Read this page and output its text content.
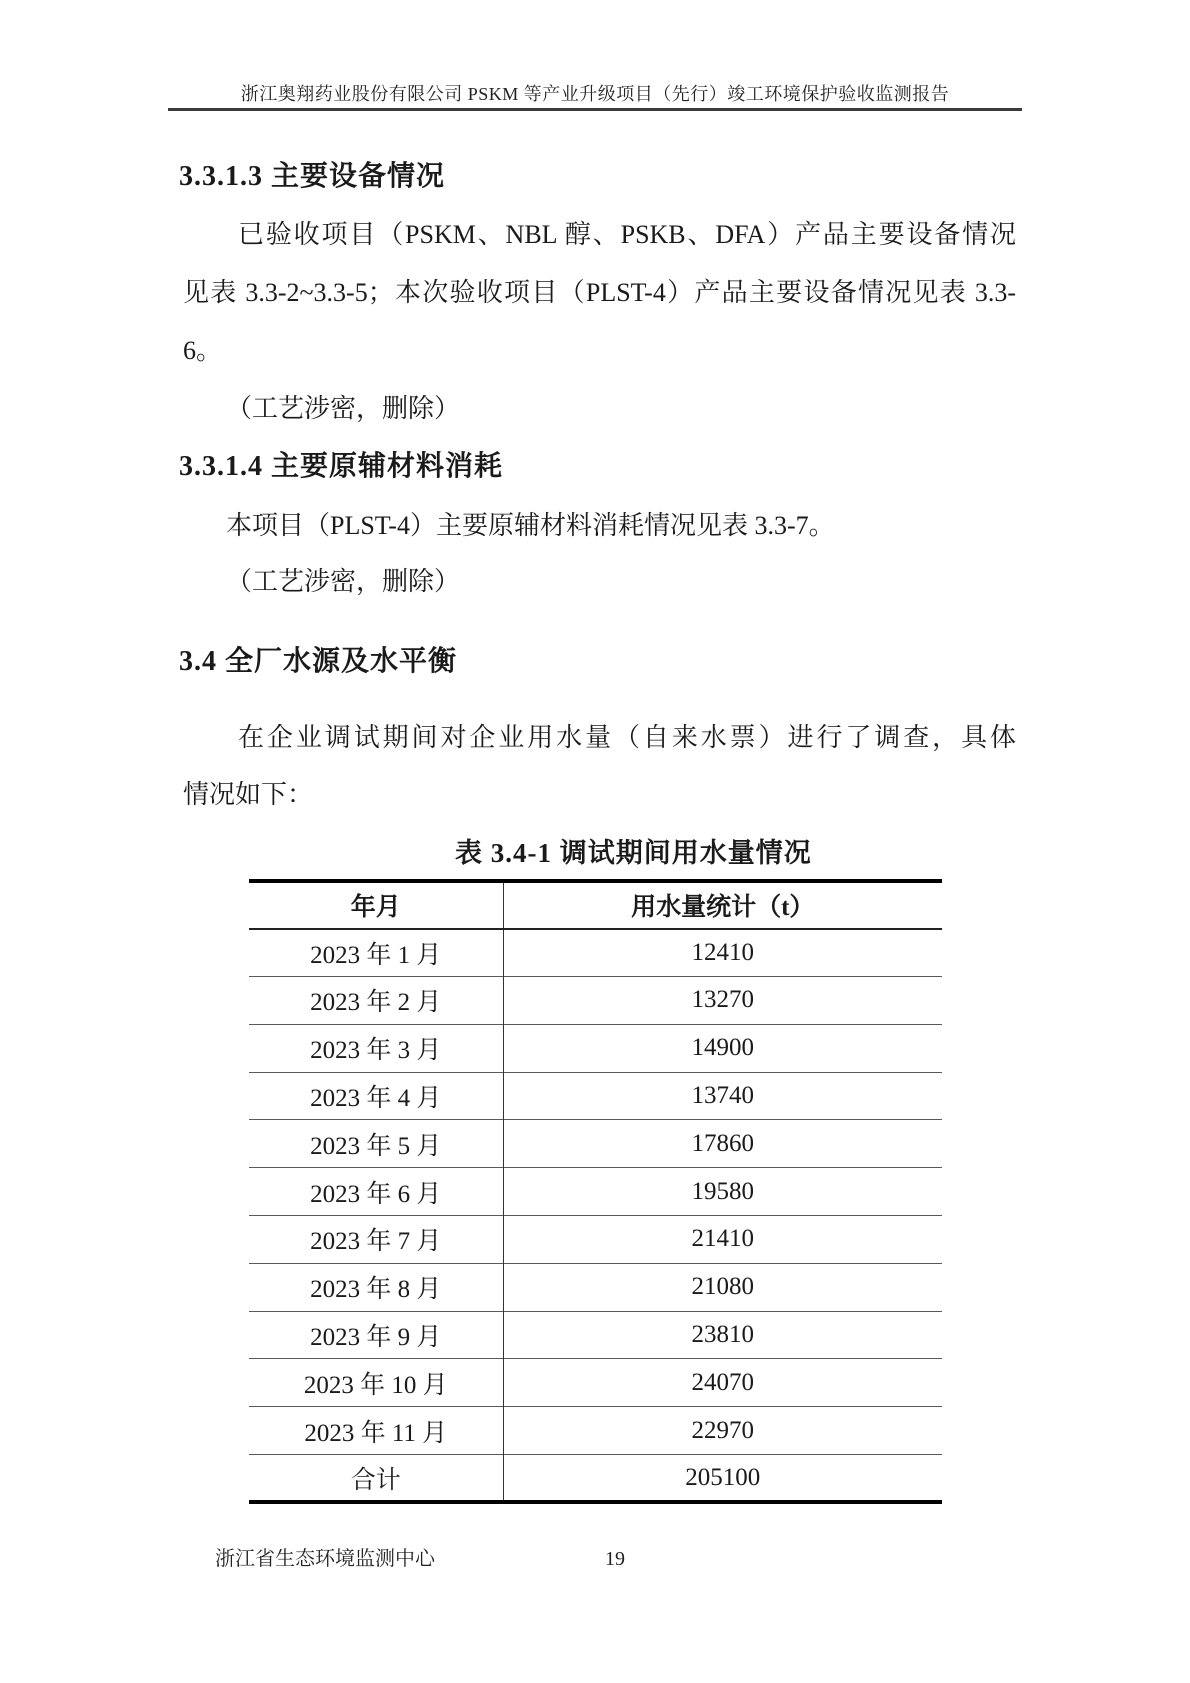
浙江奥翔药业股份有限公司 PSKM 等产业升级项目（先行）竣工环境保护验收监测报告
3.3.1.3 主要设备情况
已验收项目（PSKM、NBL 醇、PSKB、DFA）产品主要设备情况
见表 3.3-2~3.3-5；本次验收项目（PLST-4）产品主要设备情况见表 3.3-
6。
（工艺涉密，删除）
3.3.1.4 主要原辅材料消耗
本项目（PLST-4）主要原辅材料消耗情况见表 3.3-7。
（工艺涉密，删除）
3.4 全厂水源及水平衡
在企业调试期间对企业用水量（自来水票）进行了调查，具体
情况如下：
表 3.4-1 调试期间用水量情况
年月	用水量统计（t）
2023 年 1 月	12410
2023 年 2 月	13270
2023 年 3 月	14900
2023 年 4 月	13740
2023 年 5 月	17860
2023 年 6 月	19580
2023 年 7 月	21410
2023 年 8 月	21080
2023 年 9 月	23810
2023 年 10 月	24070
2023 年 11 月	22970
合计	205100
浙江省生态环境监测中心	19
